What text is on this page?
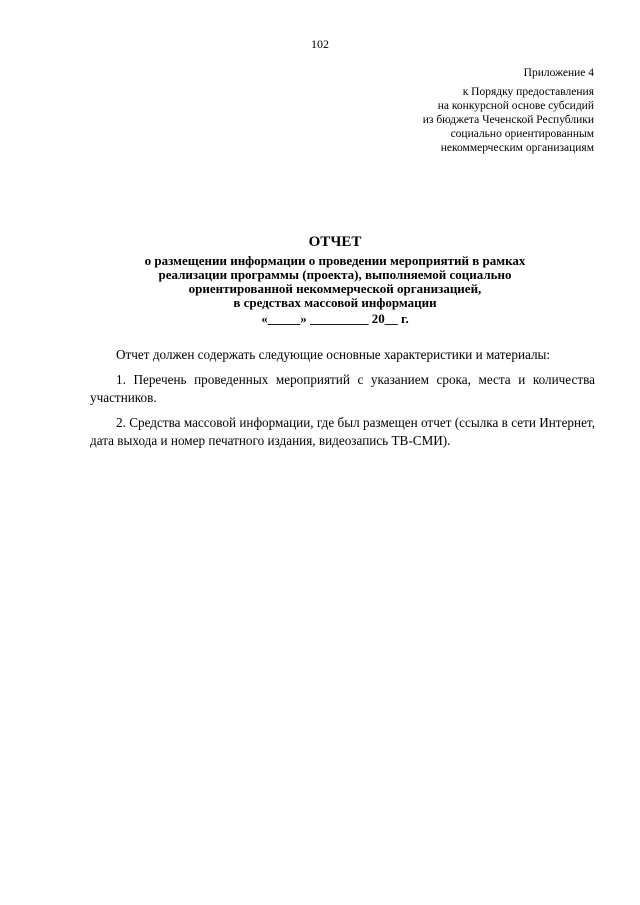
102
Приложение 4
к Порядку предоставления
на конкурсной основе субсидий
из бюджета Чеченской Республики
социально ориентированным
некоммерческим организациям
ОТЧЕТ
о размещении информации о проведении мероприятий в рамках
реализации программы (проекта), выполняемой социально
ориентированной некоммерческой организацией,
в средствах массовой информации
«_____» _________ 20__ г.

Отчет должен содержать следующие основные характеристики и материалы:

1. Перечень проведенных мероприятий с указанием срока, места и количества участников.

2. Средства массовой информации, где был размещен отчет (ссылка в сети Интернет, дата выхода и номер печатного издания, видеозапись ТВ-СМИ).
